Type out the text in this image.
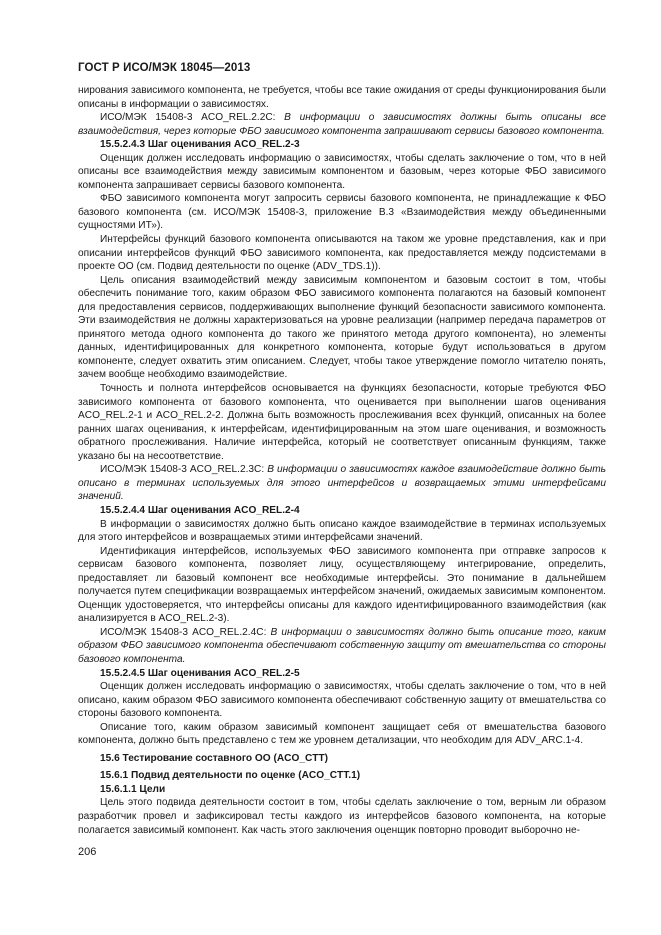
ГОСТ Р ИСО/МЭК 18045—2013

нирования зависимого компонента, не требуется, чтобы все такие ожидания от среды функционирования были описаны в информации о зависимостях.

ИСО/МЭК 15408-3 ACO_REL.2.2C: В информации о зависимостях должны быть описаны все взаимодействия, через которые ФБО зависимого компонента запрашивают сервисы базового компонента.

15.5.2.4.3 Шаг оценивания ACO_REL.2-3

Оценщик должен исследовать информацию о зависимостях, чтобы сделать заключение о том, что в ней описаны все взаимодействия между зависимым компонентом и базовым, через которые ФБО зависимого компонента запрашивает сервисы базового компонента.

ФБО зависимого компонента могут запросить сервисы базового компонента, не принадлежащие к ФБО базового компонента (см. ИСО/МЭК 15408-3, приложение В.3 «Взаимодействия между объединенными сущностями ИТ»).

Интерфейсы функций базового компонента описываются на таком же уровне представления, как и при описании интерфейсов функций ФБО зависимого компонента, как предоставляется между подсистемами в проекте ОО (см. Подвид деятельности по оценке (ADV_TDS.1)).

Цель описания взаимодействий между зависимым компонентом и базовым состоит в том, чтобы обеспечить понимание того, каким образом ФБО зависимого компонента полагаются на базовый компонент для предоставления сервисов, поддерживающих выполнение функций безопасности зависимого компонента. Эти взаимодействия не должны характеризоваться на уровне реализации (например передача параметров от принятого метода одного компонента до такого же принятого метода другого компонента), но элементы данных, идентифицированных для конкретного компонента, которые будут использоваться в другом компоненте, следует охватить этим описанием. Следует, чтобы такое утверждение помогло читателю понять, зачем вообще необходимо взаимодействие.

Точность и полнота интерфейсов основывается на функциях безопасности, которые требуются ФБО зависимого компонента от базового компонента, что оценивается при выполнении шагов оценивания ACO_REL.2-1 и ACO_REL.2-2. Должна быть возможность прослеживания всех функций, описанных на более ранних шагах оценивания, к интерфейсам, идентифицированным на этом шаге оценивания, и возможность обратного прослеживания. Наличие интерфейса, который не соответствует описанным функциям, также указано бы на несоответствие.

ИСО/МЭК 15408-3 ACO_REL.2.3C: В информации о зависимостях каждое взаимодействие должно быть описано в терминах используемых для этого интерфейсов и возвращаемых этими интерфейсами значений.

15.5.2.4.4 Шаг оценивания ACO_REL.2-4

В информации о зависимостях должно быть описано каждое взаимодействие в терминах используемых для этого интерфейсов и возвращаемых этими интерфейсами значений.

Идентификация интерфейсов, используемых ФБО зависимого компонента при отправке запросов к сервисам базового компонента, позволяет лицу, осуществляющему интегрирование, определить, предоставляет ли базовый компонент все необходимые интерфейсы. Это понимание в дальнейшем получается путем спецификации возвращаемых интерфейсом значений, ожидаемых зависимым компонентом. Оценщик удостоверяется, что интерфейсы описаны для каждого идентифицированного взаимодействия (как анализируется в ACO_REL.2-3).

ИСО/МЭК 15408-3 ACO_REL.2.4C: В информации о зависимостях должно быть описание того, каким образом ФБО зависимого компонента обеспечивают собственную защиту от вмешательства со стороны базового компонента.

15.5.2.4.5 Шаг оценивания ACO_REL.2-5

Оценщик должен исследовать информацию о зависимостях, чтобы сделать заключение о том, что в ней описано, каким образом ФБО зависимого компонента обеспечивают собственную защиту от вмешательства со стороны базового компонента.

Описание того, каким образом зависимый компонент защищает себя от вмешательства базового компонента, должно быть представлено с тем же уровнем детализации, что необходим для ADV_ARC.1-4.

15.6 Тестирование составного ОО (ACO_CTT)
15.6.1 Подвид деятельности по оценке (ACO_CTT.1)
15.6.1.1 Цели

Цель этого подвида деятельности состоит в том, чтобы сделать заключение о том, верным ли образом разработчик провел и зафиксировал тесты каждого из интерфейсов базового компонента, на которые полагается зависимый компонент. Как часть этого заключения оценщик повторно проводит выборочно не-

206
